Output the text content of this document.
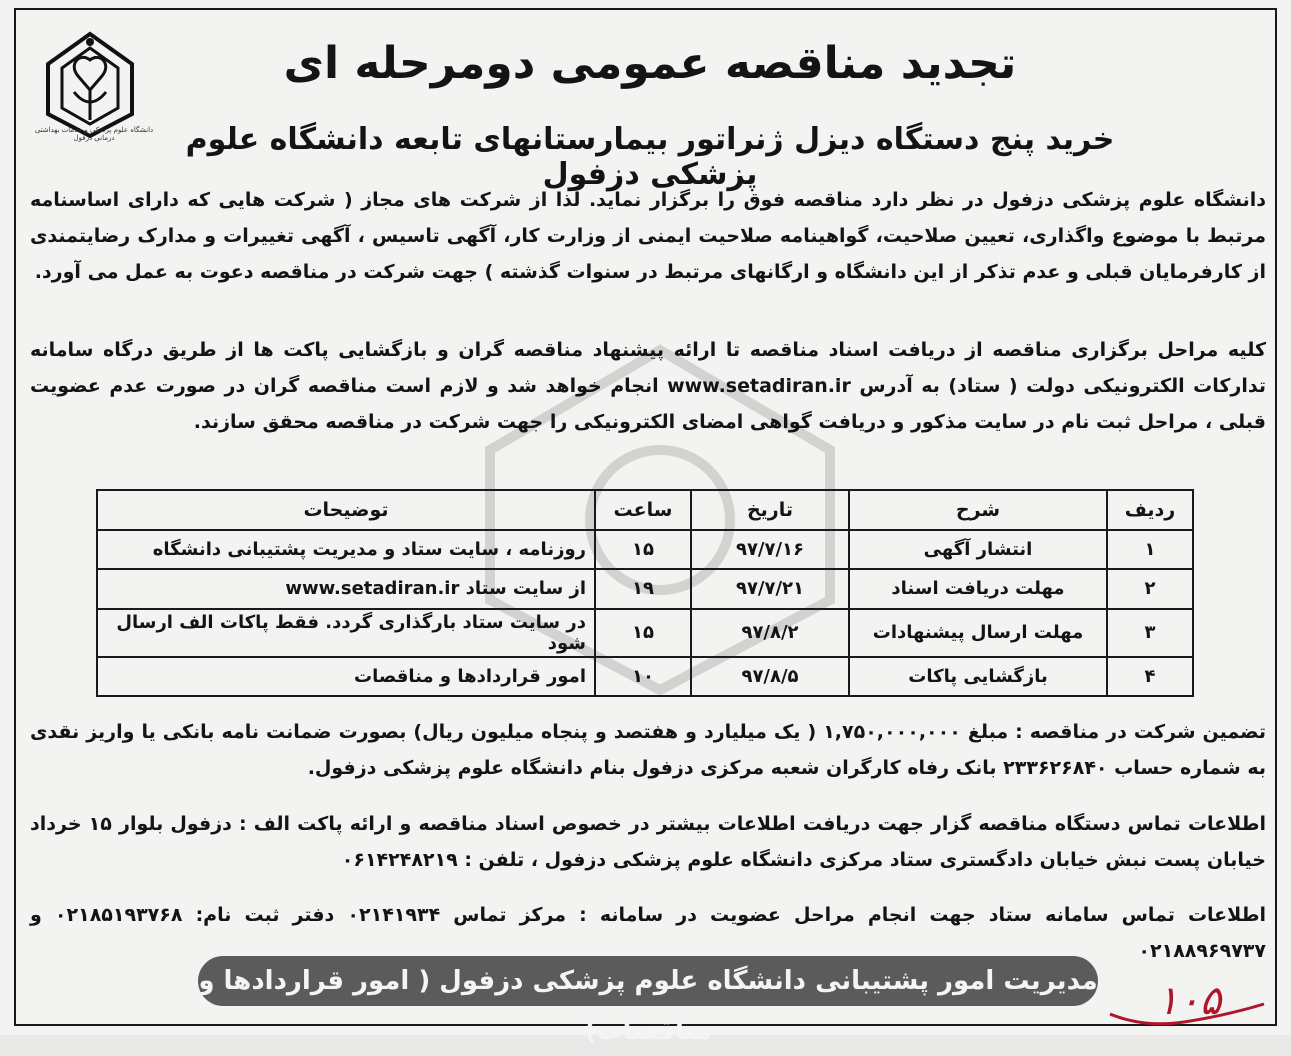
دانشگاه علوم پزشکی و خدمات بهداشتی درمانی دزفول
تجدید مناقصه عمومی دومرحله ای
خرید پنج دستگاه دیزل ژنراتور بیمارستانهای تابعه دانشگاه علوم پزشکی دزفول
دانشگاه علوم پزشکی دزفول در نظر دارد مناقصه فوق را برگزار نماید. لذا از شرکت های مجاز ( شرکت هایی که دارای اساسنامه مرتبط با موضوع واگذاری، تعیین صلاحیت، گواهینامه صلاحیت ایمنی از وزارت کار، آگهی تاسیس ، آگهی تغییرات و مدارک رضایتمندی از کارفرمایان قبلی و عدم تذکر از این دانشگاه و ارگانهای مرتبط در سنوات گذشته ) جهت شرکت در مناقصه دعوت به عمل می آورد.
کلیه مراحل برگزاری مناقصه از دریافت اسناد مناقصه تا ارائه پیشنهاد مناقصه گران و بازگشایی پاکت ها از طریق درگاه سامانه تدارکات الکترونیکی دولت ( ستاد) به آدرس www.setadiran.ir انجام خواهد شد و لازم است مناقصه گران در صورت عدم عضویت قبلی ، مراحل ثبت نام در سایت مذکور و دریافت گواهی امضای الکترونیکی را جهت شرکت در مناقصه محقق سازند.
ردیف	شرح	تاریخ	ساعت	توضیحات
۱	انتشار آگهی	۹۷/۷/۱۶	۱۵	روزنامه ، سایت ستاد و مدیریت پشتیبانی دانشگاه
۲	مهلت دریافت اسناد	۹۷/۷/۲۱	۱۹	از سایت ستاد www.setadiran.ir
۳	مهلت ارسال پیشنهادات	۹۷/۸/۲	۱۵	در سایت ستاد بارگذاری گردد. فقط پاکات الف ارسال شود
۴	بازگشایی پاکات	۹۷/۸/۵	۱۰	امور قراردادها و مناقصات
تضمین شرکت در مناقصه : مبلغ ۱,۷۵۰,۰۰۰,۰۰۰ ( یک میلیارد و هفتصد و پنجاه میلیون ریال) بصورت ضمانت نامه بانکی یا واریز نقدی به شماره حساب ۲۳۳۶۲۶۸۴۰ بانک رفاه کارگران شعبه مرکزی دزفول بنام دانشگاه علوم پزشکی دزفول.
اطلاعات تماس دستگاه مناقصه گزار جهت دریافت اطلاعات بیشتر در خصوص اسناد مناقصه و ارائه پاکت الف : دزفول بلوار ۱۵ خرداد خیابان پست نبش خیابان دادگستری ستاد مرکزی دانشگاه علوم پزشکی دزفول ، تلفن : ۰۶۱۴۲۴۸۲۱۹
اطلاعات تماس سامانه ستاد جهت انجام مراحل عضویت در سامانه : مرکز تماس ۰۲۱۴۱۹۳۴ دفتر ثبت نام: ۰۲۱۸۵۱۹۳۷۶۸ و ۰۲۱۸۸۹۶۹۷۳۷
مدیریت امور پشتیبانی دانشگاه علوم پزشکی دزفول ( امور قراردادها و مناقصات)
۱۰۵
